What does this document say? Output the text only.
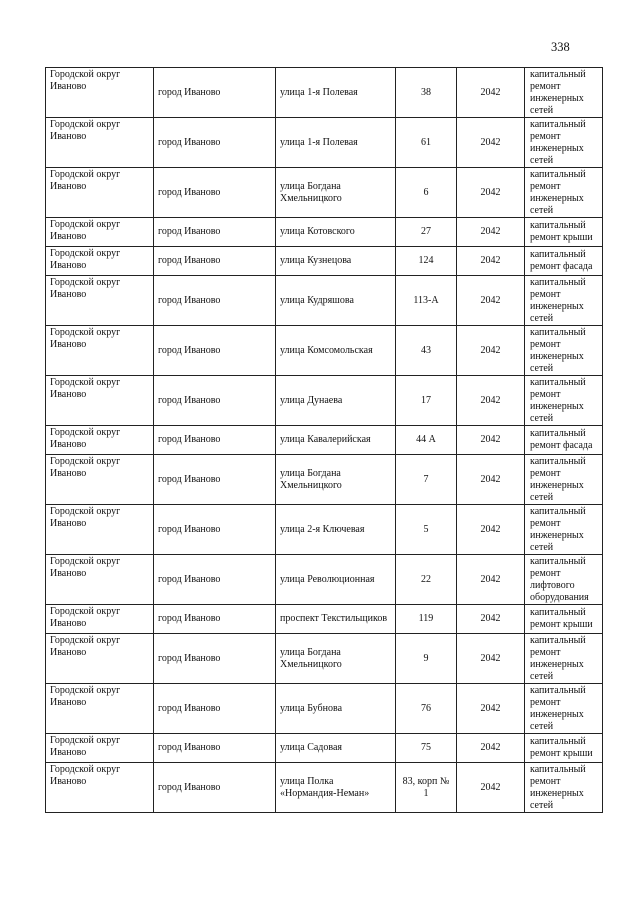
338
Городской округ Иваново	город Иваново	улица 1-я Полевая	38	2042	капитальный ремонт инженерных сетей
Городской округ Иваново	город Иваново	улица 1-я Полевая	61	2042	капитальный ремонт инженерных сетей
Городской округ Иваново	город Иваново	улица Богдана Хмельницкого	6	2042	капитальный ремонт инженерных сетей
Городской округ Иваново	город Иваново	улица Котовского	27	2042	капитальный ремонт крыши
Городской округ Иваново	город Иваново	улица Кузнецова	124	2042	капитальный ремонт фасада
Городской округ Иваново	город Иваново	улица Кудряшова	113-А	2042	капитальный ремонт инженерных сетей
Городской округ Иваново	город Иваново	улица Комсомольская	43	2042	капитальный ремонт инженерных сетей
Городской округ Иваново	город Иваново	улица Дунаева	17	2042	капитальный ремонт инженерных сетей
Городской округ Иваново	город Иваново	улица Кавалерийская	44 А	2042	капитальный ремонт фасада
Городской округ Иваново	город Иваново	улица Богдана Хмельницкого	7	2042	капитальный ремонт инженерных сетей
Городской округ Иваново	город Иваново	улица 2-я Ключевая	5	2042	капитальный ремонт инженерных сетей
Городской округ Иваново	город Иваново	улица Революционная	22	2042	капитальный ремонт лифтового оборудования
Городской округ Иваново	город Иваново	проспект Текстильщиков	119	2042	капитальный ремонт крыши
Городской округ Иваново	город Иваново	улица Богдана Хмельницкого	9	2042	капитальный ремонт инженерных сетей
Городской округ Иваново	город Иваново	улица Бубнова	76	2042	капитальный ремонт инженерных сетей
Городской округ Иваново	город Иваново	улица Садовая	75	2042	капитальный ремонт крыши
Городской округ Иваново	город Иваново	улица Полка «Нормандия-Неман»	83, корп № 1	2042	капитальный ремонт инженерных сетей
